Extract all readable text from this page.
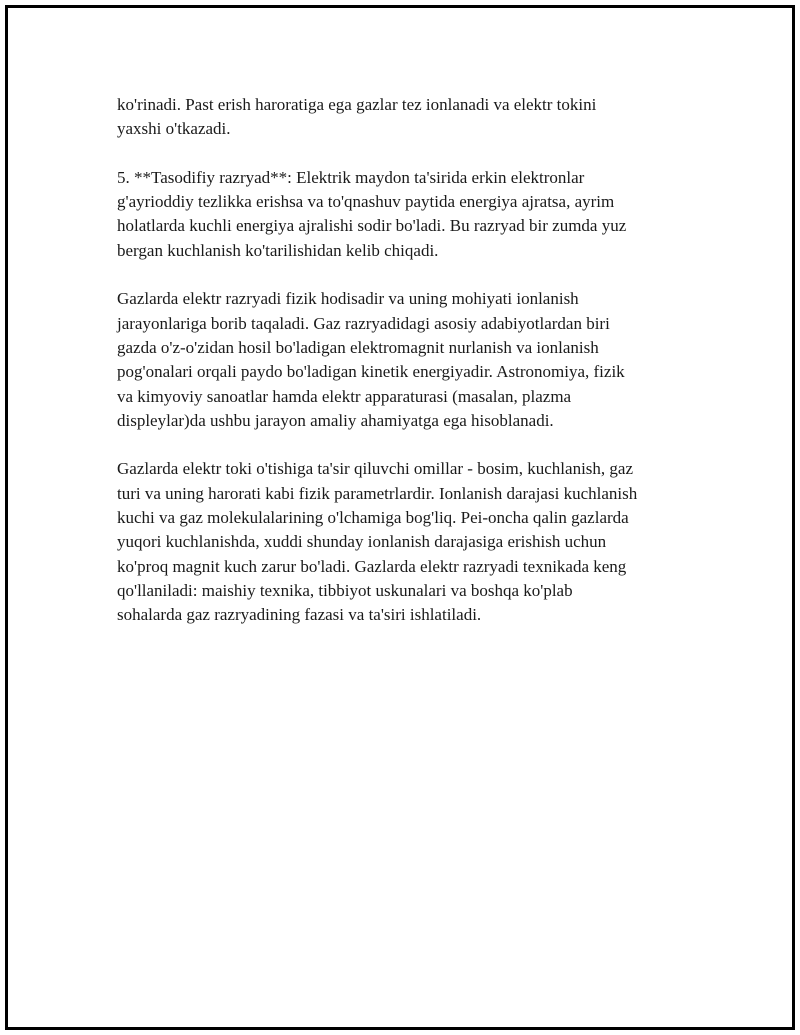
ko'rinadi. Past erish haroratiga ega gazlar tez ionlanadi va elektr tokini
yaxshi o'tkazadi.

5. **Tasodifiy razryad**: Elektrik maydon ta'sirida erkin elektronlar
g'ayrioddiy tezlikka erishsa va to'qnashuv paytida energiya ajratsa, ayrim
holatlarda kuchli energiya ajralishi sodir bo'ladi. Bu razryad bir zumda yuz
bergan kuchlanish ko'tarilishidan kelib chiqadi.

Gazlarda elektr razryadi fizik hodisadir va uning mohiyati ionlanish
jarayonlariga borib taqaladi. Gaz razryadidagi asosiy adabiyotlardan biri
gazda o'z-o'zidan hosil bo'ladigan elektromagnit nurlanish va ionlanish
pog'onalari orqali paydo bo'ladigan kinetik energiyadir. Astronomiya, fizik
va kimyoviy sanoatlar hamda elektr apparaturasi (masalan, plazma
displeylar)da ushbu jarayon amaliy ahamiyatga ega hisoblanadi.

Gazlarda elektr toki o'tishiga ta'sir qiluvchi omillar - bosim, kuchlanish, gaz
turi va uning harorati kabi fizik parametrlardir. Ionlanish darajasi kuchlanish
kuchi va gaz molekulalarining o'lchamiga bog'liq. Pei-oncha qalin gazlarda
yuqori kuchlanishda, xuddi shunday ionlanish darajasiga erishish uchun
ko'proq magnit kuch zarur bo'ladi. Gazlarda elektr razryadi texnikada keng
qo'llaniladi: maishiy texnika, tibbiyot uskunalari va boshqa ko'plab
sohalarda gaz razryadining fazasi va ta'siri ishlatiladi.
